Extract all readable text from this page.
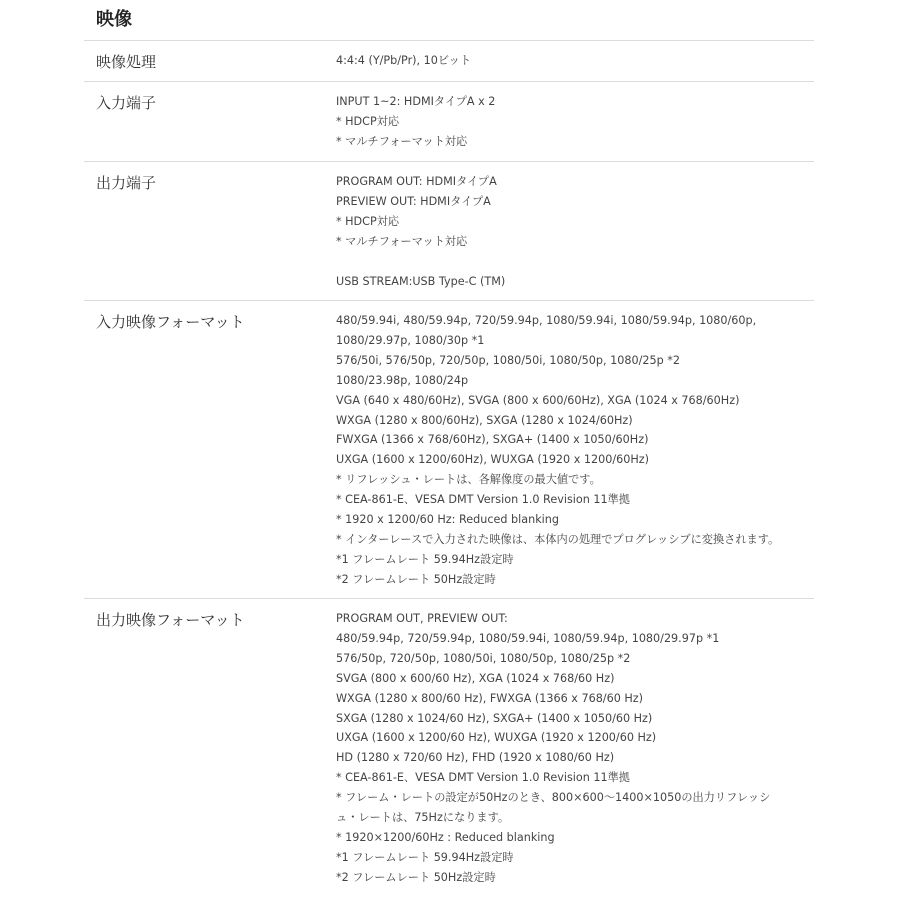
映像
映像処理	4:4:4 (Y/Pb/Pr), 10ビット
入力端子	INPUT 1~2: HDMIタイプA x 2
* HDCP対応
* マルチフォーマット対応
出力端子	PROGRAM OUT: HDMIタイプA
PREVIEW OUT: HDMIタイプA
* HDCP対応
* マルチフォーマット対応
USB STREAM:USB Type-C (TM)
入力映像フォーマット	480/59.94i, 480/59.94p, 720/59.94p, 1080/59.94i, 1080/59.94p, 1080/60p,
1080/29.97p, 1080/30p *1
576/50i, 576/50p, 720/50p, 1080/50i, 1080/50p, 1080/25p *2
1080/23.98p, 1080/24p
VGA (640 x 480/60Hz), SVGA (800 x 600/60Hz), XGA (1024 x 768/60Hz)
WXGA (1280 x 800/60Hz), SXGA (1280 x 1024/60Hz)
FWXGA (1366 x 768/60Hz), SXGA+ (1400 x 1050/60Hz)
UXGA (1600 x 1200/60Hz), WUXGA (1920 x 1200/60Hz)
* リフレッシュ・レートは、各解像度の最大値です。
* CEA-861-E、VESA DMT Version 1.0 Revision 11準拠
* 1920 x 1200/60 Hz: Reduced blanking
* インターレースで入力された映像は、本体内の処理でプログレッシブに変換されます。
*1 フレームレート 59.94Hz設定時
*2 フレームレート 50Hz設定時
出力映像フォーマット	PROGRAM OUT, PREVIEW OUT:
480/59.94p, 720/59.94p, 1080/59.94i, 1080/59.94p, 1080/29.97p *1
576/50p, 720/50p, 1080/50i, 1080/50p, 1080/25p *2
SVGA (800 x 600/60 Hz), XGA (1024 x 768/60 Hz)
WXGA (1280 x 800/60 Hz), FWXGA (1366 x 768/60 Hz)
SXGA (1280 x 1024/60 Hz), SXGA+ (1400 x 1050/60 Hz)
UXGA (1600 x 1200/60 Hz), WUXGA (1920 x 1200/60 Hz)
HD (1280 x 720/60 Hz), FHD (1920 x 1080/60 Hz)
* CEA-861-E、VESA DMT Version 1.0 Revision 11準拠
* フレーム・レートの設定が50Hzのとき、800×600～1400×1050の出力リフレッシ
ュ・レートは、75Hzになります。
* 1920×1200/60Hz : Reduced blanking
*1 フレームレート 59.94Hz設定時
*2 フレームレート 50Hz設定時
